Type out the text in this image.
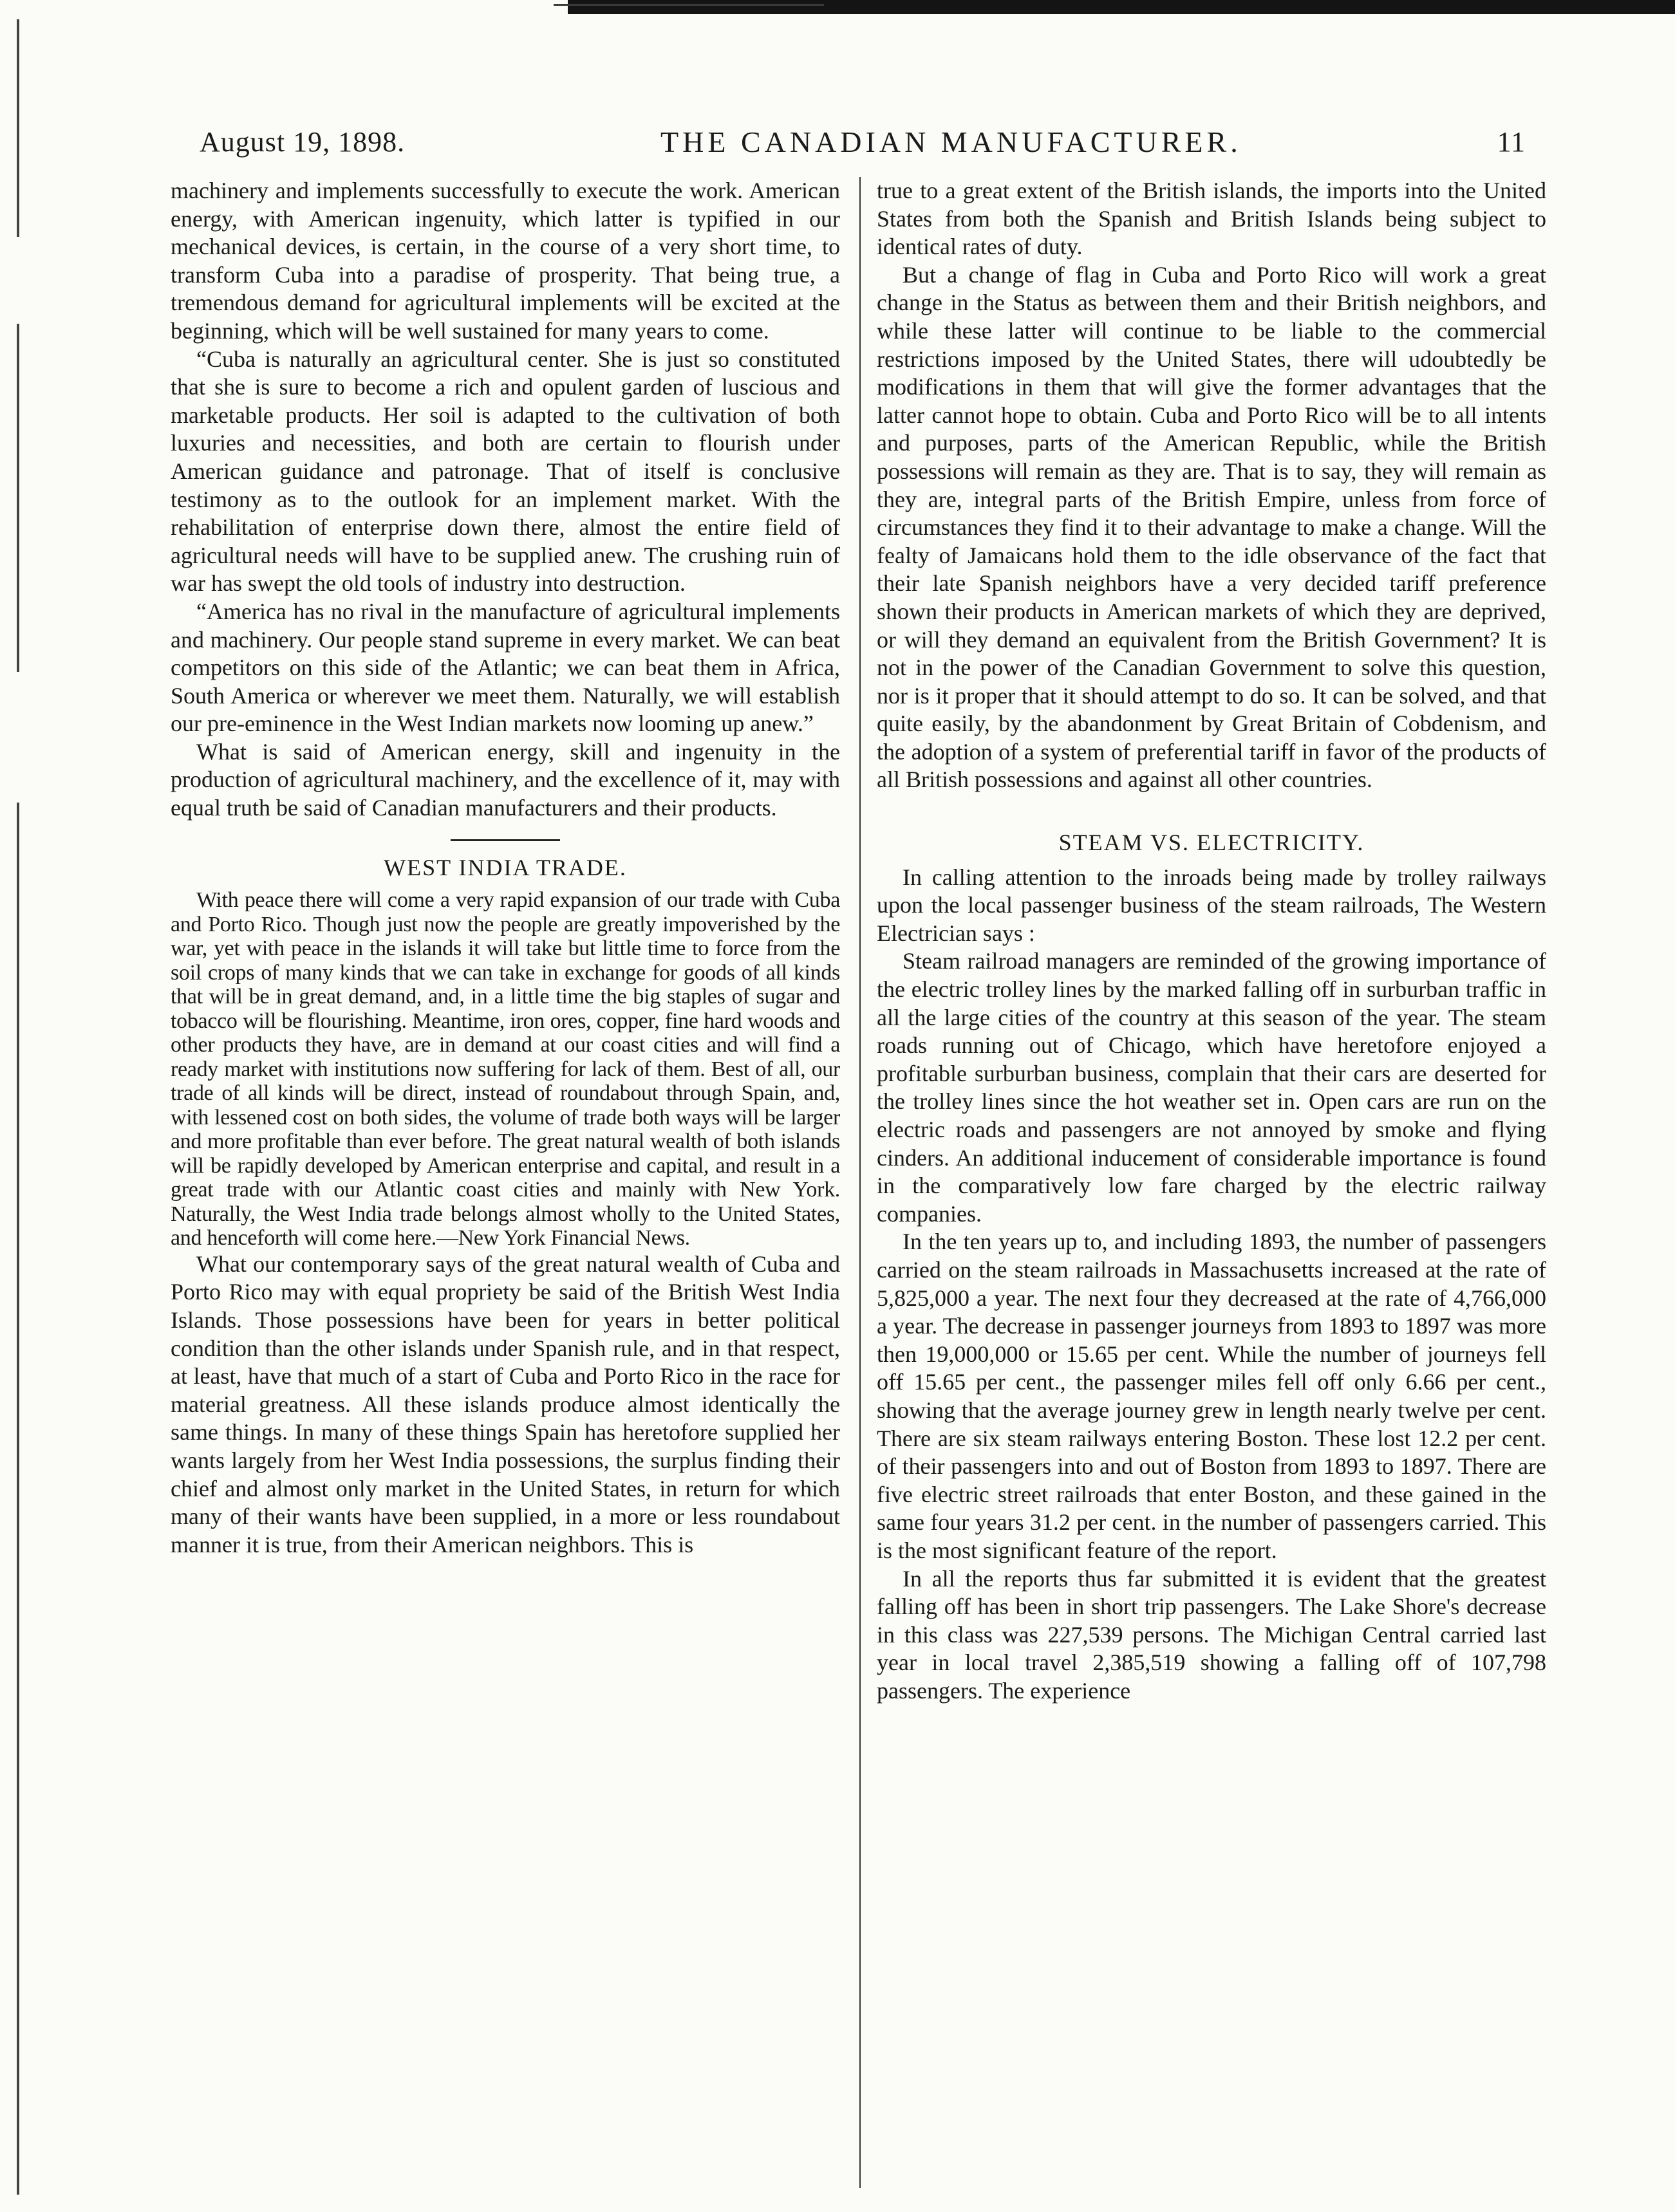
August 19, 1898.	THE CANADIAN MANUFACTURER.	11

machinery and implements successfully to execute the work. American energy, with American ingenuity, which latter is typified in our mechanical devices, is certain, in the course of a very short time, to transform Cuba into a paradise of prosperity. That being true, a tremendous demand for agricultural implements will be excited at the beginning, which will be well sustained for many years to come.

“Cuba is naturally an agricultural center. She is just so constituted that she is sure to become a rich and opulent garden of luscious and marketable products. Her soil is adapted to the cultivation of both luxuries and necessities, and both are certain to flourish under American guidance and patronage. That of itself is conclusive testimony as to the outlook for an implement market. With the rehabilitation of enterprise down there, almost the entire field of agricultural needs will have to be supplied anew. The crushing ruin of war has swept the old tools of industry into destruction.

“America has no rival in the manufacture of agricultural implements and machinery. Our people stand supreme in every market. We can beat competitors on this side of the Atlantic; we can beat them in Africa, South America or wherever we meet them. Naturally, we will establish our pre-eminence in the West Indian markets now looming up anew.”

What is said of American energy, skill and ingenuity in the production of agricultural machinery, and the excellence of it, may with equal truth be said of Canadian manufacturers and their products.

WEST INDIA TRADE.

With peace there will come a very rapid expansion of our trade with Cuba and Porto Rico. Though just now the people are greatly impoverished by the war, yet with peace in the islands it will take but little time to force from the soil crops of many kinds that we can take in exchange for goods of all kinds that will be in great demand, and, in a little time the big staples of sugar and tobacco will be flourishing. Meantime, iron ores, copper, fine hard woods and other products they have, are in demand at our coast cities and will find a ready market with institutions now suffering for lack of them. Best of all, our trade of all kinds will be direct, instead of roundabout through Spain, and, with lessened cost on both sides, the volume of trade both ways will be larger and more profitable than ever before. The great natural wealth of both islands will be rapidly developed by American enterprise and capital, and result in a great trade with our Atlantic coast cities and mainly with New York. Naturally, the West India trade belongs almost wholly to the United States, and henceforth will come here.—New York Financial News.

What our contemporary says of the great natural wealth of Cuba and Porto Rico may with equal propriety be said of the British West India Islands. Those possessions have been for years in better political condition than the other islands under Spanish rule, and in that respect, at least, have that much of a start of Cuba and Porto Rico in the race for material greatness. All these islands produce almost identically the same things. In many of these things Spain has heretofore supplied her wants largely from her West India possessions, the surplus finding their chief and almost only market in the United States, in return for which many of their wants have been supplied, in a more or less roundabout manner it is true, from their American neighbors. This is

true to a great extent of the British islands, the imports into the United States from both the Spanish and British Islands being subject to identical rates of duty.

But a change of flag in Cuba and Porto Rico will work a great change in the Status as between them and their British neighbors, and while these latter will continue to be liable to the commercial restrictions imposed by the United States, there will udoubtedly be modifications in them that will give the former advantages that the latter cannot hope to obtain. Cuba and Porto Rico will be to all intents and purposes, parts of the American Republic, while the British possessions will remain as they are. That is to say, they will remain as they are, integral parts of the British Empire, unless from force of circumstances they find it to their advantage to make a change. Will the fealty of Jamaicans hold them to the idle observance of the fact that their late Spanish neighbors have a very decided tariff preference shown their products in American markets of which they are deprived, or will they demand an equivalent from the British Government? It is not in the power of the Canadian Government to solve this question, nor is it proper that it should attempt to do so. It can be solved, and that quite easily, by the abandonment by Great Britain of Cobdenism, and the adoption of a system of preferential tariff in favor of the products of all British possessions and against all other countries.

STEAM VS. ELECTRICITY.

In calling attention to the inroads being made by trolley railways upon the local passenger business of the steam railroads, The Western Electrician says :

Steam railroad managers are reminded of the growing importance of the electric trolley lines by the marked falling off in surburban traffic in all the large cities of the country at this season of the year. The steam roads running out of Chicago, which have heretofore enjoyed a profitable surburban business, complain that their cars are deserted for the trolley lines since the hot weather set in. Open cars are run on the electric roads and passengers are not annoyed by smoke and flying cinders. An additional inducement of considerable importance is found in the comparatively low fare charged by the electric railway companies.

In the ten years up to, and including 1893, the number of passengers carried on the steam railroads in Massachusetts increased at the rate of 5,825,000 a year. The next four they decreased at the rate of 4,766,000 a year. The decrease in passenger journeys from 1893 to 1897 was more then 19,000,000 or 15.65 per cent. While the number of journeys fell off 15.65 per cent., the passenger miles fell off only 6.66 per cent., showing that the average journey grew in length nearly twelve per cent. There are six steam railways entering Boston. These lost 12.2 per cent. of their passengers into and out of Boston from 1893 to 1897. There are five electric street railroads that enter Boston, and these gained in the same four years 31.2 per cent. in the number of passengers carried. This is the most significant feature of the report.

In all the reports thus far submitted it is evident that the greatest falling off has been in short trip passengers. The Lake Shore's decrease in this class was 227,539 persons. The Michigan Central carried last year in local travel 2,385,519 showing a falling off of 107,798 passengers. The experience
